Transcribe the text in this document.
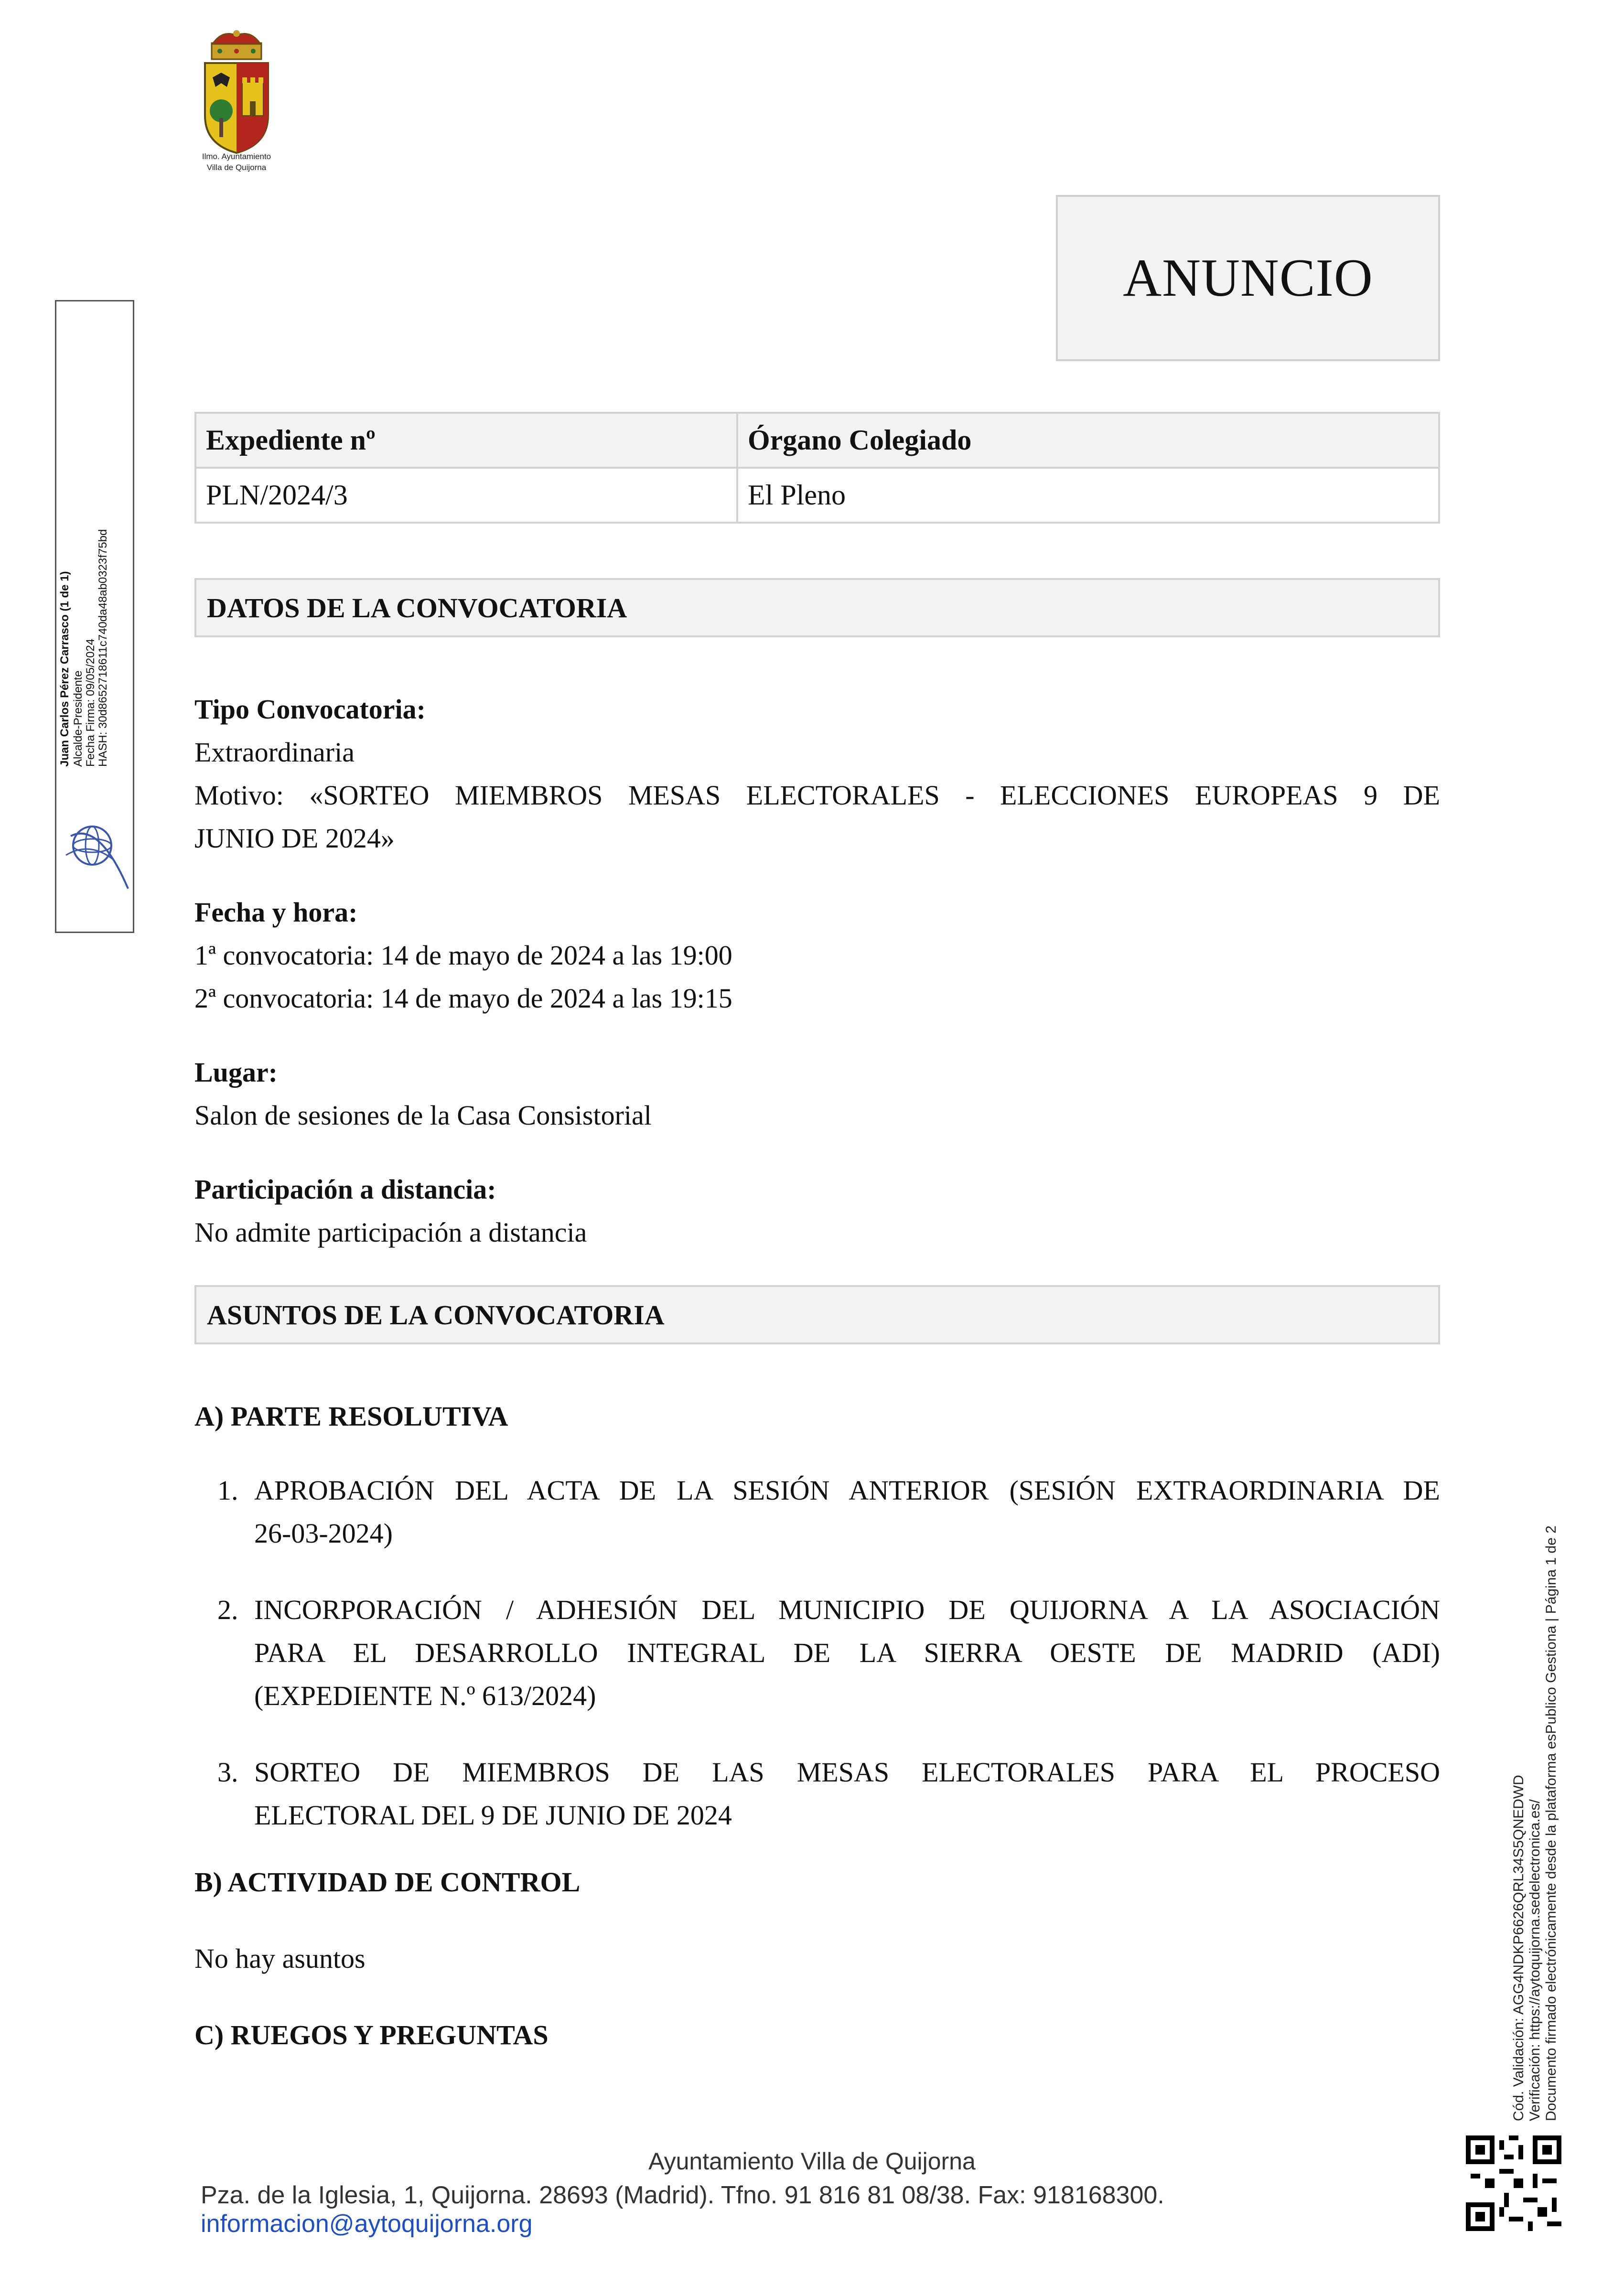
Ilmo. Ayuntamiento
Villa de Quijorna
ANUNCIO
Expediente nº	Órgano Colegiado
PLN/2024/3	El Pleno
DATOS DE LA CONVOCATORIA
Tipo Convocatoria:
Extraordinaria
Motivo: «SORTEO MIEMBROS MESAS ELECTORALES - ELECCIONES EUROPEAS 9 DE
JUNIO DE 2024»
Fecha y hora:
1ª convocatoria: 14 de mayo de 2024 a las 19:00
2ª convocatoria: 14 de mayo de 2024 a las 19:15
Lugar:
Salon de sesiones de la Casa Consistorial
Participación a distancia:
No admite participación a distancia
ASUNTOS DE LA CONVOCATORIA
A) PARTE RESOLUTIVA
1. APROBACIÓN DEL ACTA DE LA SESIÓN ANTERIOR (SESIÓN EXTRAORDINARIA DE
26-03-2024)
2. INCORPORACIÓN / ADHESIÓN DEL MUNICIPIO DE QUIJORNA A LA ASOCIACIÓN
PARA EL DESARROLLO INTEGRAL DE LA SIERRA OESTE DE MADRID (ADI)
(EXPEDIENTE N.º 613/2024)
3. SORTEO DE MIEMBROS DE LAS MESAS ELECTORALES PARA EL PROCESO
ELECTORAL DEL 9 DE JUNIO DE 2024
B) ACTIVIDAD DE CONTROL
No hay asuntos
C) RUEGOS Y PREGUNTAS
Juan Carlos Pérez Carrasco (1 de 1) Alcalde-Presidente Fecha Firma: 09/05/2024 HASH: 30d8652718611c740da48ab0323f75bd
Cód. Validación: AGG4NDKP6626QRL34S5QNEDWD Verificación: https://aytoquijorna.sedelectronica.es/ Documento firmado electrónicamente desde la plataforma esPublico Gestiona | Página 1 de 2
Ayuntamiento Villa de Quijorna
Pza. de la Iglesia, 1, Quijorna. 28693 (Madrid). Tfno. 91 816 81 08/38. Fax: 918168300. informacion@aytoquijorna.org
